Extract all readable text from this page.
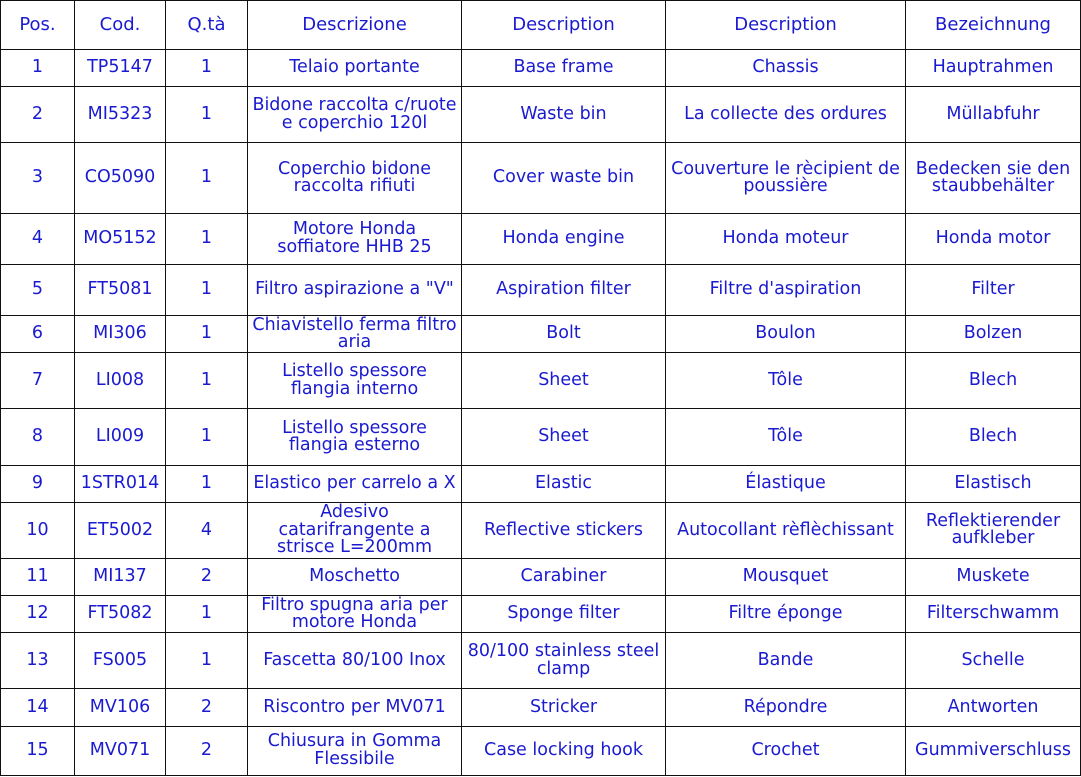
Pos.	Cod.	Q.tà	Descrizione	Description	Description	Bezeichnung
1	TP5147	1	Telaio portante	Base frame	Chassis	Hauptrahmen
2	MI5323	1	Bidone raccolta c/ruote e coperchio 120l	Waste bin	La collecte des ordures	Müllabfuhr
3	CO5090	1	Coperchio bidone raccolta rifiuti	Cover waste bin	Couverture le rècipient de poussière	Bedecken sie den staubbehälter
4	MO5152	1	Motore Honda soffiatore HHB 25	Honda engine	Honda moteur	Honda motor
5	FT5081	1	Filtro aspirazione a "V"	Aspiration filter	Filtre d'aspiration	Filter
6	MI306	1	Chiavistello ferma filtro aria	Bolt	Boulon	Bolzen
7	LI008	1	Listello spessore flangia interno	Sheet	Tôle	Blech
8	LI009	1	Listello spessore flangia esterno	Sheet	Tôle	Blech
9	1STR014	1	Elastico per carrelo a X	Elastic	Élastique	Elastisch
10	ET5002	4	Adesivo catarifrangente a strisce L=200mm	Reflective stickers	Autocollant rèflèchissant	Reflektierender aufkleber
11	MI137	2	Moschetto	Carabiner	Mousquet	Muskete
12	FT5082	1	Filtro spugna aria per motore Honda	Sponge filter	Filtre éponge	Filterschwamm
13	FS005	1	Fascetta 80/100 Inox	80/100 stainless steel clamp	Bande	Schelle
14	MV106	2	Riscontro per MV071	Stricker	Répondre	Antworten
15	MV071	2	Chiusura in Gomma Flessibile	Case locking hook	Crochet	Gummiverschluss
